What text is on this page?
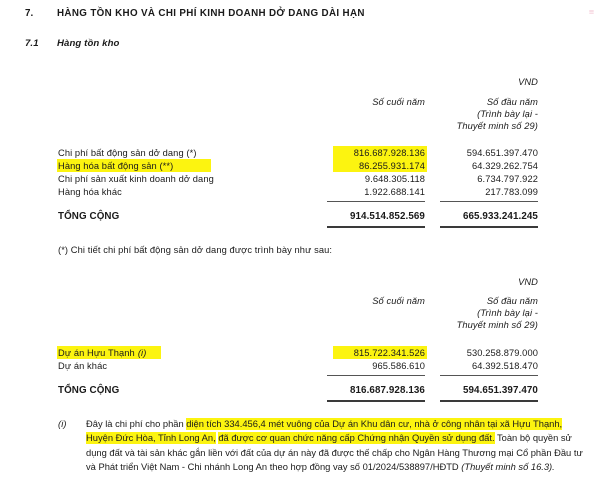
≡
7. HÀNG TỒN KHO VÀ CHI PHÍ KINH DOANH DỞ DANG DÀI HẠN
7.1 Hàng tồn kho
VND
Số cuối năm	Số đầu năm
(Trình bày lại -
Thuyết minh số 29)
Chi phí bất động sản dở dang (*)	816.687.928.136	594.651.397.470
Hàng hóa bất động sản (**)	86.255.931.174	64.329.262.754
Chi phí sản xuất kinh doanh dở dang	9.648.305.118	6.734.797.922
Hàng hóa khác	1.922.688.141	217.783.099
TỔNG CỘNG	914.514.852.569	665.933.241.245
(*) Chi tiết chi phí bất động sản dở dang được trình bày như sau:
VND
Số cuối năm	Số đầu năm
(Trình bày lại -
Thuyết minh số 29)
Dự án Hựu Thạnh (i)	815.722.341.526	530.258.879.000
Dự án khác	965.586.610	64.392.518.470
TỔNG CỘNG	816.687.928.136	594.651.397.470
(i) Đây là chi phí cho phần diện tích 334.456,4 mét vuông của Dự án Khu dân cư, nhà ở công nhân tại xã Hựu Thạnh, Huyện Đức Hòa, Tỉnh Long An, đã được cơ quan chức năng cấp Chứng nhận Quyền sử dụng đất. Toàn bộ quyền sử dụng đất và tài sản khác gắn liền với đất của dự án này đã được thế chấp cho Ngân Hàng Thương mại Cổ phần Đầu tư và Phát triển Việt Nam - Chi nhánh Long An theo hợp đồng vay số 01/2024/538897/HĐTD (Thuyết minh số 16.3).
